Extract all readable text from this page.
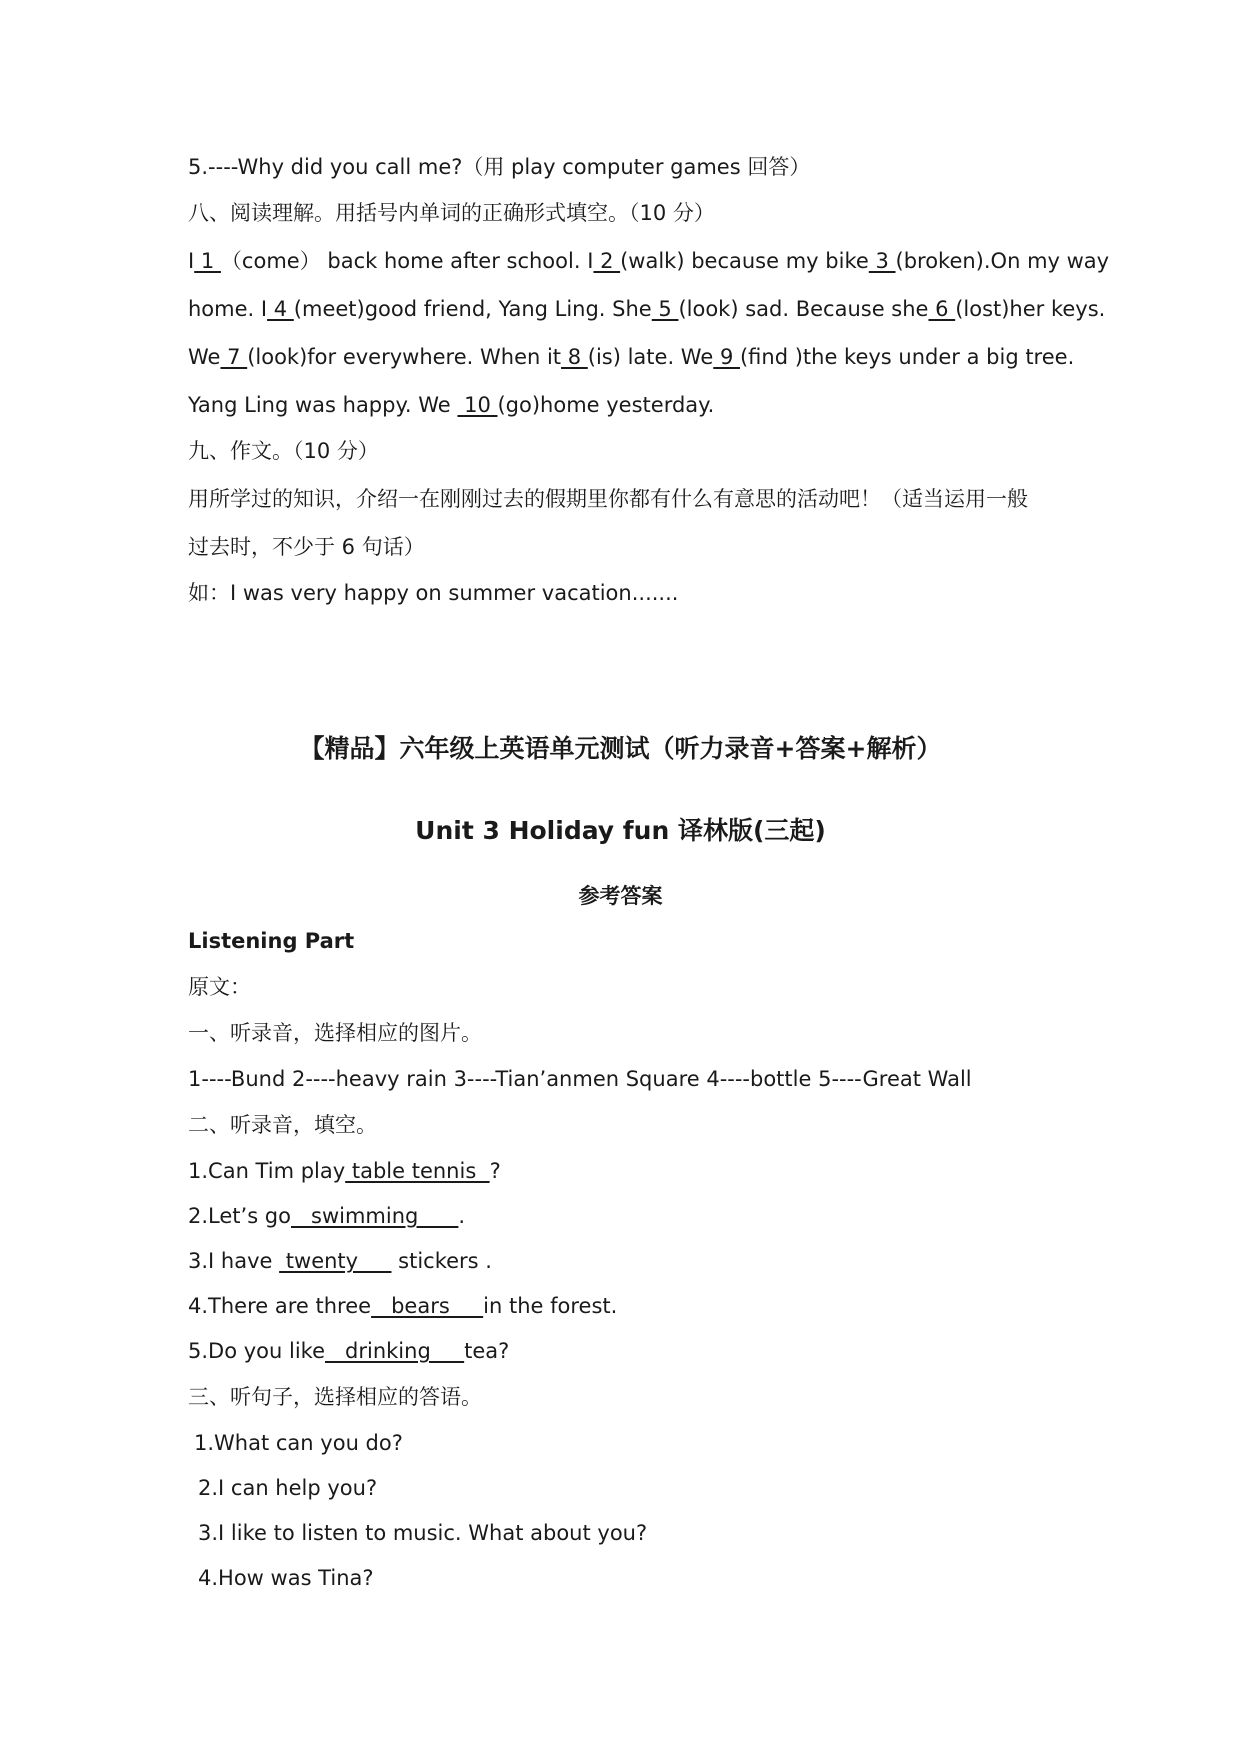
5.----Why did you call me?（用 play computer games 回答）
八、阅读理解。用括号内单词的正确形式填空。（10 分）
I 1 （come） back home after school. I 2 (walk) because my bike 3 (broken).On my way
home. I 4 (meet)good friend, Yang Ling. She 5 (look) sad. Because she 6 (lost)her keys.
We 7 (look)for everywhere. When it 8 (is) late. We 9 (find )the keys under a big tree.
Yang Ling was happy. We  10 (go)home yesterday.
九、作文。（10 分）
用所学过的知识，介绍一在刚刚过去的假期里你都有什么有意思的活动吧！（适当运用一般
过去时，不少于 6 句话）
如：I was very happy on summer vacation.......
【精品】六年级上英语单元测试（听力录音+答案+解析）
Unit 3 Holiday fun 译林版(三起)
参考答案
Listening Part
原文：
一、听录音，选择相应的图片。
1----Bund 2----heavy rain 3----Tian’anmen Square 4----bottle 5----Great Wall
二、听录音，填空。
1.Can Tim play table tennis  ?
2.Let’s go   swimming      .
3.I have  twenty      stickers .
4.There are three   bears     in the forest.
5.Do you like   drinking     tea?
三、听句子，选择相应的答语。
1.What can you do?
2.I can help you?
3.I like to listen to music. What about you?
4.How was Tina?
